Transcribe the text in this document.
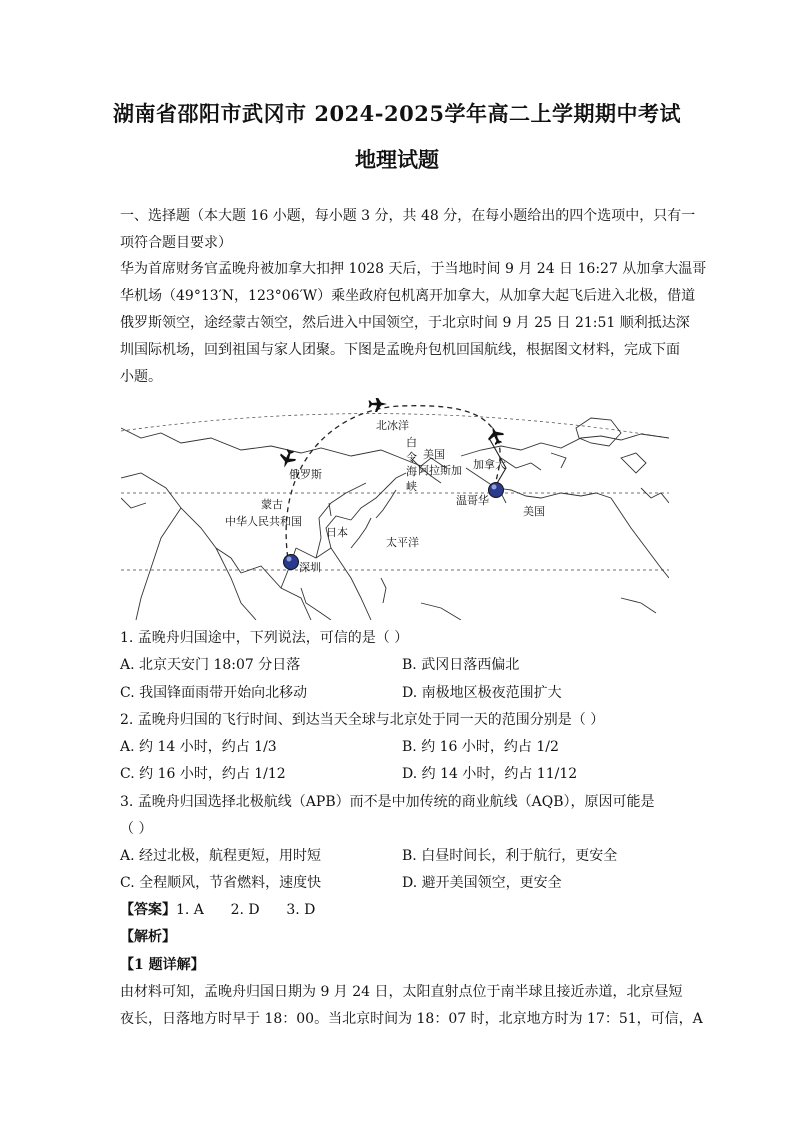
湖南省邵阳市武冈市 2024-2025学年高二上学期期中考试
地理试题
一、选择题（本大题 16 小题，每小题 3 分，共 48 分，在每小题给出的四个选项中，只有一
项符合题目要求）
华为首席财务官孟晚舟被加拿大扣押 1028 天后，于当地时间 9 月 24 日 16:27 从加拿大温哥
华机场（49°13′N，123°06′W）乘坐政府包机离开加拿大，从加拿大起飞后进入北极，借道
俄罗斯领空，途经蒙古领空，然后进入中国领空，于北京时间 9 月 25 日 21:51 顺利抵达深
圳国际机场，回到祖国与家人团聚。下图是孟晚舟包机回国航线，根据图文材料，完成下面
小题。
北冰洋
白
令
海
峡
美国
阿拉斯加 加拿大
俄罗斯
蒙古
中华人民共和国
日本
温哥华
美国
太平洋
深圳
1. 孟晚舟归国途中，下列说法，可信的是（ ）
A. 北京天安门 18:07 分日落	B. 武冈日落西偏北
C. 我国锋面雨带开始向北移动	D. 南极地区极夜范围扩大
2. 孟晚舟归国的飞行时间、到达当天全球与北京处于同一天的范围分别是（ ）
A. 约 14 小时，约占 1/3	B. 约 16 小时，约占 1/2
C. 约 16 小时，约占 1/12	D. 约 14 小时，约占 11/12
3. 孟晚舟归国选择北极航线（APB）而不是中加传统的商业航线（AQB），原因可能是
（ ）
A. 经过北极，航程更短，用时短	B. 白昼时间长，利于航行，更安全
C. 全程顺风，节省燃料，速度快	D. 避开美国领空，更安全
【答案】1. A      2. D      3. D
【解析】
【1 题详解】
由材料可知，孟晚舟归国日期为 9 月 24 日，太阳直射点位于南半球且接近赤道，北京昼短
夜长，日落地方时早于 18：00。当北京时间为 18：07 时，北京地方时为 17：51，可信，A
